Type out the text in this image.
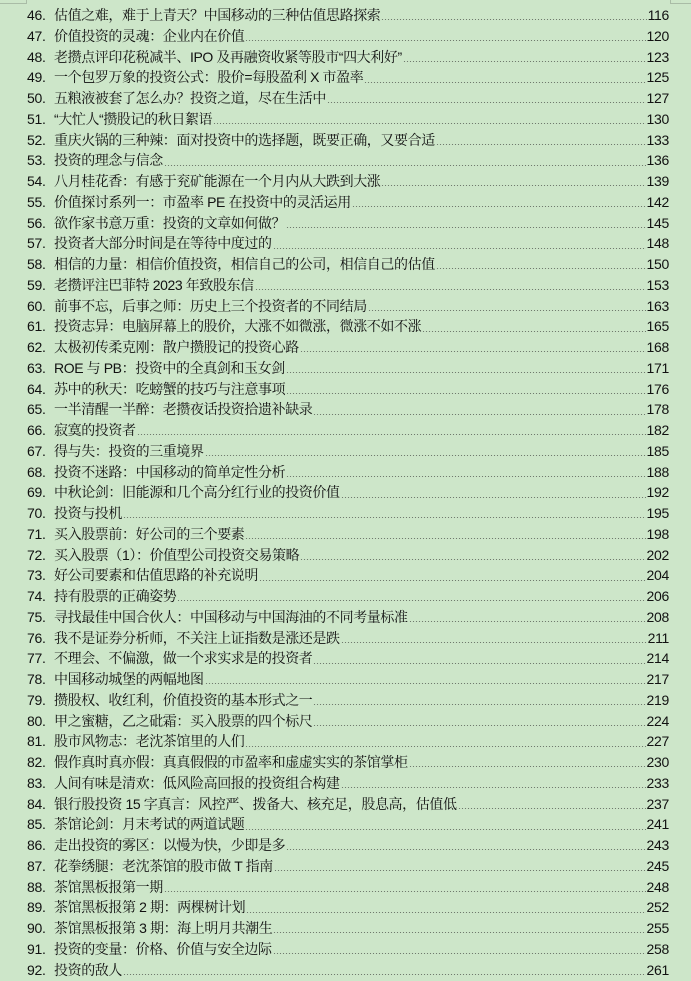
46. 估值之难，难于上青天？中国移动的三种估值思路探索	116
47. 价值投资的灵魂：企业内在价值	120
48. 老攒点评印花税减半、IPO 及再融资收紧等股市“四大利好”	123
49. 一个包罗万象的投资公式：股价=每股盈利 X 市盈率	125
50. 五粮液被套了怎么办？投资之道，尽在生活中	127
51. “大忙人“攒股记的秋日絮语	130
52. 重庆火锅的三种辣：面对投资中的选择题，既要正确，又要合适	133
53. 投资的理念与信念	136
54. 八月桂花香：有感于兖矿能源在一个月内从大跌到大涨	139
55. 价值探讨系列一：市盈率 PE 在投资中的灵活运用	142
56. 欲作家书意万重：投资的文章如何做？	145
57. 投资者大部分时间是在等待中度过的	148
58. 相信的力量：相信价值投资，相信自己的公司，相信自己的估值	150
59. 老攒评注巴菲特 2023 年致股东信	153
60. 前事不忘，后事之师：历史上三个投资者的不同结局	163
61. 投资志异：电脑屏幕上的股价，大涨不如微涨，微涨不如不涨	165
62. 太极初传柔克刚：散户攒股记的投资心路	168
63. ROE 与 PB：投资中的全真剑和玉女剑	171
64. 苏中的秋天：吃螃蟹的技巧与注意事项	176
65. 一半清醒一半醉：老攒夜话投资拾遗补缺录	178
66. 寂寞的投资者	182
67. 得与失：投资的三重境界	185
68. 投资不迷路：中国移动的简单定性分析	188
69. 中秋论剑：旧能源和几个高分红行业的投资价值	192
70. 投资与投机	195
71. 买入股票前：好公司的三个要素	198
72. 买入股票（1）：价值型公司投资交易策略	202
73. 好公司要素和估值思路的补充说明	204
74. 持有股票的正确姿势	206
75. 寻找最佳中国合伙人：中国移动与中国海油的不同考量标准	208
76. 我不是证券分析师，不关注上证指数是涨还是跌	211
77. 不理会、不偏激，做一个求实求是的投资者	214
78. 中国移动城堡的两幅地图	217
79. 攒股权、收红利，价值投资的基本形式之一	219
80. 甲之蜜糖，乙之砒霜：买入股票的四个标尺	224
81. 股市风物志：老沈茶馆里的人们	227
82. 假作真时真亦假：真真假假的市盈率和虚虚实实的茶馆掌柜	230
83. 人间有味是清欢：低风险高回报的投资组合构建	233
84. 银行股投资 15 字真言：风控严、拨备大、核充足，股息高，估值低	237
85. 茶馆论剑：月末考试的两道试题	241
86. 走出投资的雾区：以慢为快，少即是多	243
87. 花拳绣腿：老沈茶馆的股市做 T 指南	245
88. 茶馆黑板报第一期	248
89. 茶馆黑板报第 2 期：两棵树计划	252
90. 茶馆黑板报第 3 期：海上明月共潮生	255
91. 投资的变量：价格、价值与安全边际	258
92. 投资的敌人	261
